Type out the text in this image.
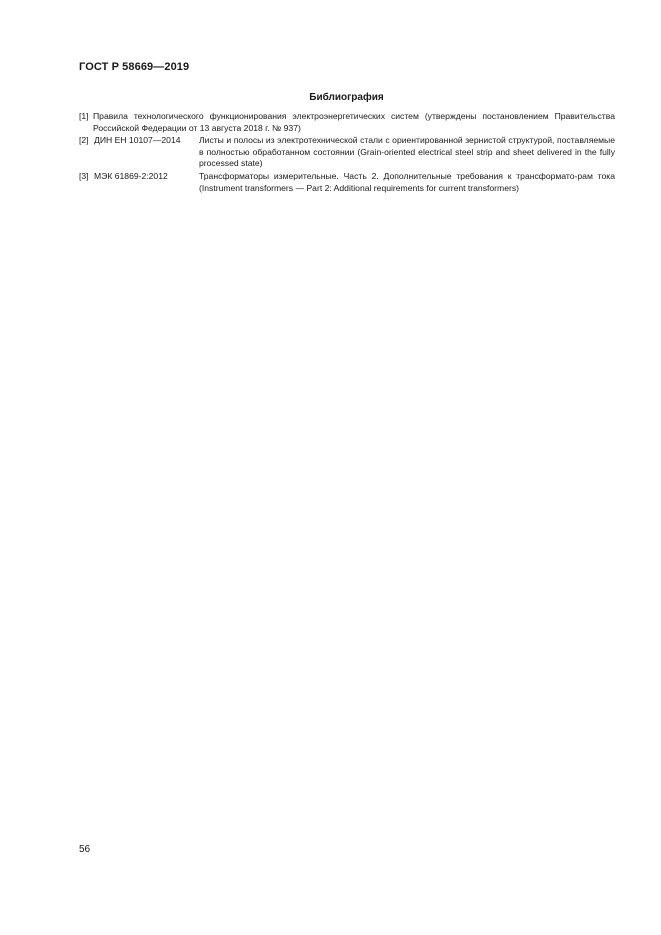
ГОСТ Р 58669—2019
Библиография
[1] Правила технологического функционирования электроэнергетических систем (утверждены постановлением Правительства Российской Федерации от 13 августа 2018 г. № 937)
[2] ДИН ЕН 10107—2014 Листы и полосы из электротехнической стали с ориентированной зернистой структурой, поставляемые в полностью обработанном состоянии (Grain-oriented electrical steel strip and sheet delivered in the fully processed state)
[3] МЭК 61869-2:2012	Трансформаторы измерительные. Часть 2. Дополнительные требования к трансформато-рам тока (Instrument transformers — Part 2: Additional requirements for current transformers)
56
